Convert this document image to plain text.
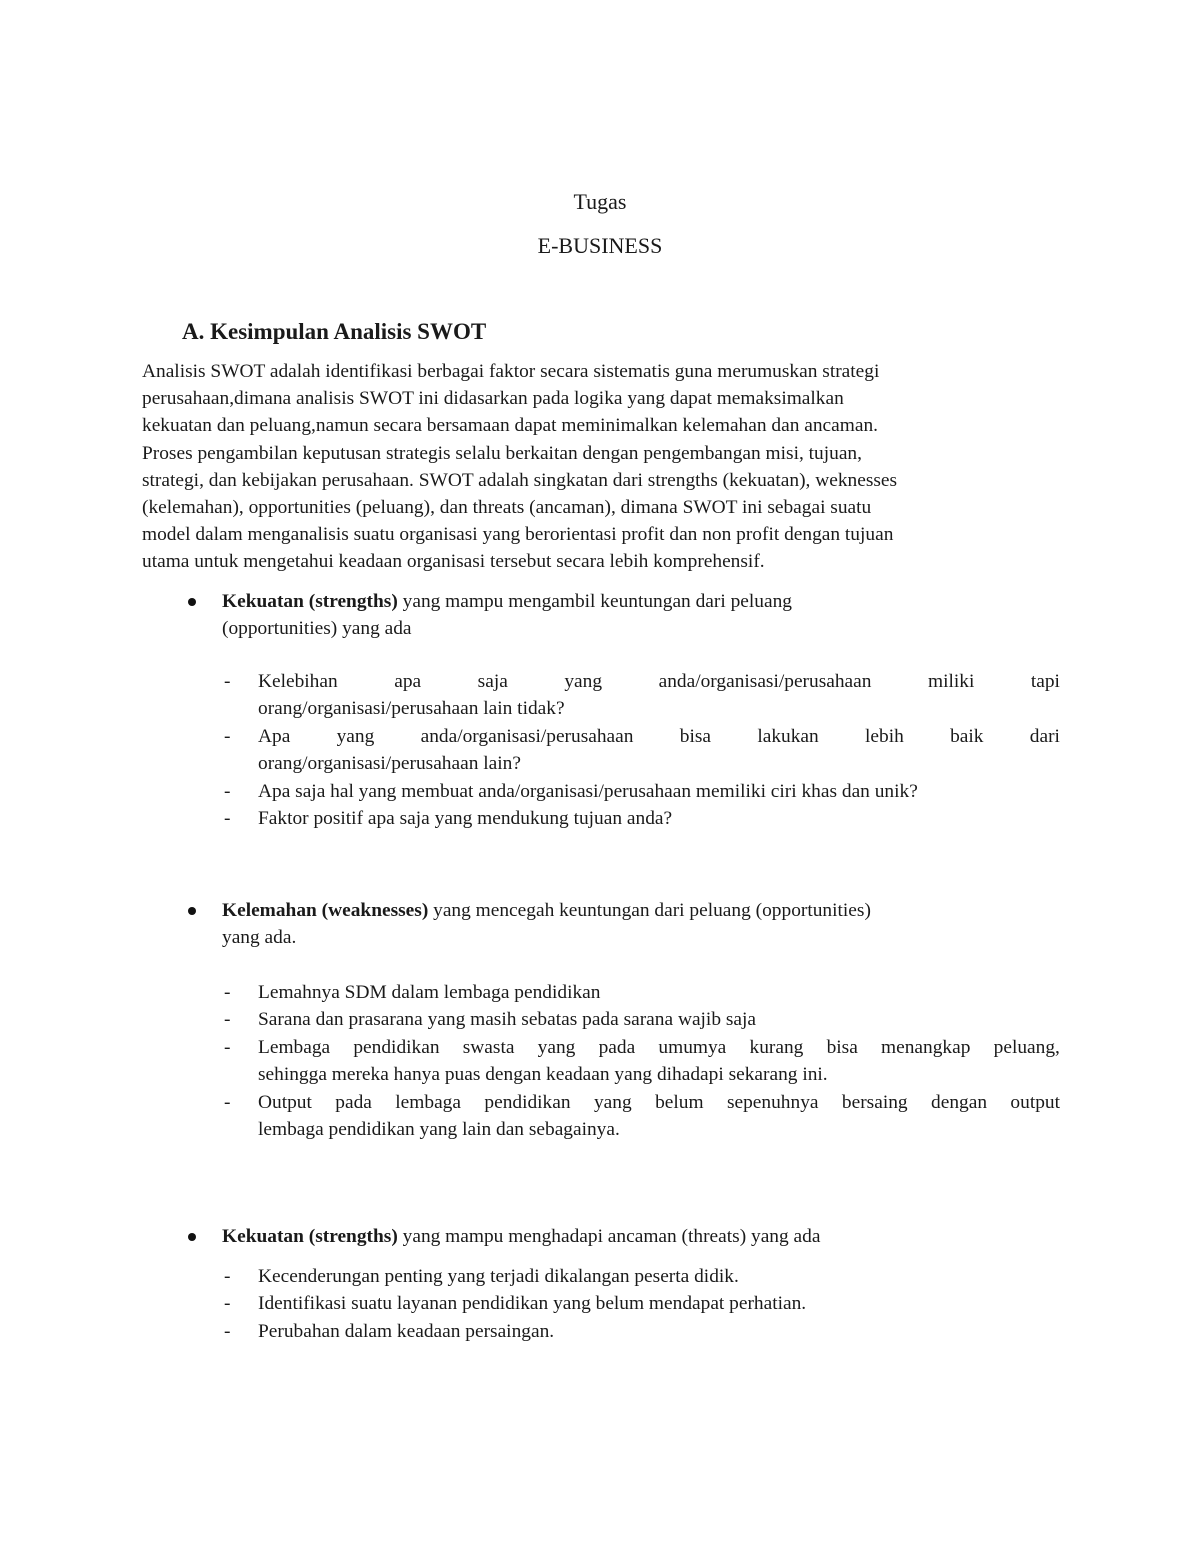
Tugas
E-BUSINESS
A. Kesimpulan Analisis SWOT
Analisis SWOT adalah identifikasi berbagai faktor secara sistematis guna merumuskan strategi
perusahaan,dimana analisis SWOT ini didasarkan pada logika yang dapat memaksimalkan
kekuatan dan peluang,namun secara bersamaan dapat meminimalkan kelemahan dan ancaman.
Proses pengambilan keputusan strategis selalu berkaitan dengan pengembangan misi, tujuan,
strategi, dan kebijakan perusahaan. SWOT adalah singkatan dari strengths (kekuatan), weknesses
(kelemahan), opportunities (peluang), dan threats (ancaman), dimana SWOT ini sebagai suatu
model dalam menganalisis suatu organisasi yang berorientasi profit dan non profit dengan tujuan
utama untuk mengetahui keadaan organisasi tersebut secara lebih komprehensif.
Kekuatan (strengths) yang mampu mengambil keuntungan dari peluang
(opportunities) yang ada
- Kelebihan	apa	saja	yang	anda/organisasi/perusahaan	miliki	tapi
orang/organisasi/perusahaan lain tidak?
- Apa yang anda/organisasi/perusahaan bisa lakukan lebih baik dari
orang/organisasi/perusahaan lain?
- Apa saja hal yang membuat anda/organisasi/perusahaan memiliki ciri khas dan unik?
- Faktor positif apa saja yang mendukung tujuan anda?
Kelemahan (weaknesses) yang mencegah keuntungan dari peluang (opportunities)
yang ada.
- Lemahnya SDM dalam lembaga pendidikan
- Sarana dan prasarana yang masih sebatas pada sarana wajib saja
- Lembaga pendidikan swasta yang pada umumya kurang bisa menangkap peluang,
sehingga mereka hanya puas dengan keadaan yang dihadapi sekarang ini.
- Output pada lembaga pendidikan yang belum sepenuhnya bersaing dengan output
lembaga pendidikan yang lain dan sebagainya.
Kekuatan (strengths) yang mampu menghadapi ancaman (threats) yang ada
- Kecenderungan penting yang terjadi dikalangan peserta didik.
- Identifikasi suatu layanan pendidikan yang belum mendapat perhatian.
- Perubahan dalam keadaan persaingan.
